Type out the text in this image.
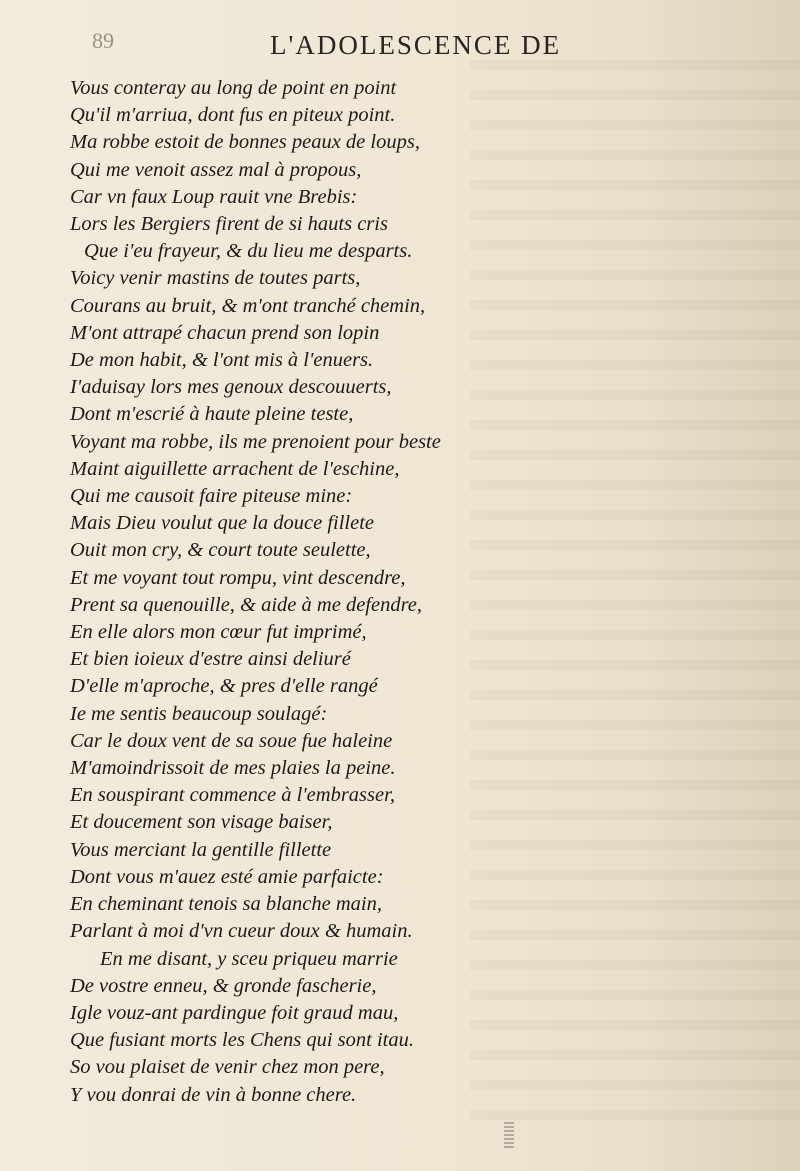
89	L'ADOLESCENCE DE
Vous conteray au long de point en point
Qu'il m'arriua, dont fus en piteux point.
Ma robbe estoit de bonnes peaux de loups,
Qui me venoit assez mal à propous,
Car vn faux Loup rauit vne Brebis:
Lors les Bergiers firent de si hauts cris
Que i'eu frayeur, & du lieu me desparts.
Voicy venir mastins de toutes parts,
Courans au bruit, & m'ont tranché chemin,
M'ont attrapé chacun prend son lopin
De mon habit, & l'ont mis à l'enuers.
I'aduisay lors mes genoux descouuerts,
Dont m'escrié à haute pleine teste,
Voyant ma robbe, ils me prenoient pour beste
Maint aiguillette arrachent de l'eschine,
Qui me causoit faire piteuse mine:
Mais Dieu voulut que la douce fillete
Ouit mon cry, & court toute seulette,
Et me voyant tout rompu, vint descendre,
Prent sa quenouille, & aide à me defendre,
En elle alors mon cœur fut imprimé,
Et bien ioieux d'estre ainsi deliuré
D'elle m'aproche, & pres d'elle rangé
Ie me sentis beaucoup soulagé:
Car le doux vent de sa soue fue haleine
M'amoindrissoit de mes plaies la peine.
En souspirant commence à l'embrasser,
Et doucement son visage baiser,
Vous merciant la gentille fillette
Dont vous m'auez esté amie parfaicte:
En cheminant tenois sa blanche main,
Parlant à moi d'vn cueur doux & humain.
En me disant, y sceu priqueu marrie
De vostre enneu, & gronde fascherie,
Igle vouz-ant pardingue foit graud mau,
Que fusiant morts les Chens qui sont itau.
So vou plaiset de venir chez mon pere,
Y vou donrai de vin à bonne chere.
